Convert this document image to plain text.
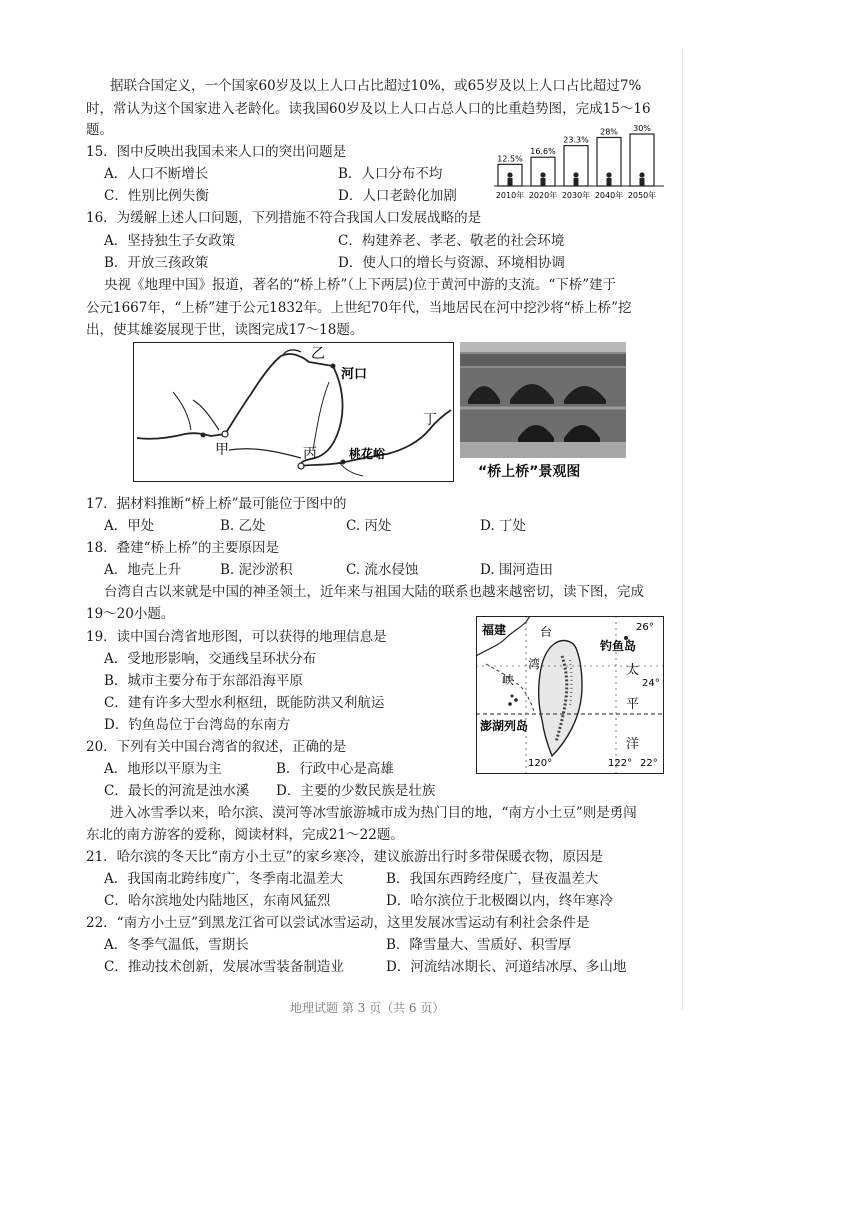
据联合国定义，一个国家60岁及以上人口占比超过10%，或65岁及以上人口占比超过7%
时，常认为这个国家进入老龄化。读我国60岁及以上人口占总人口的比重趋势图，完成15～16
题。
15．图中反映出我国未来人口的突出问题是
A．人口不断增长	B．人口分布不均
C．性别比例失衡	D．人口老龄化加剧
12.5%
2010年
16.6%
2020年
23.3%
2030年
28%
2040年
30%
2050年
16．为缓解上述人口问题，下列措施不符合我国人口发展战略的是
A．坚持独生子女政策	C．构建养老、孝老、敬老的社会环境
B．开放三孩政策	D．使人口的增长与资源、环境相协调
央视《地理中国》报道，著名的“桥上桥”（上下两层)位于黄河中游的支流。“下桥”建于
公元1667年，“上桥”建于公元1832年。上世纪70年代，当地居民在河中挖沙将“桥上桥”挖
出，使其雄姿展现于世，读图完成17～18题。
乙
河口
丁
甲	丙	桃花峪
“桥上桥”景观图
17．据材料推断“桥上桥”最可能位于图中的
A．甲处	B. 乙处	C. 丙处	D. 丁处
18．叠建“桥上桥”的主要原因是
A．地壳上升	B. 泥沙淤积	C. 流水侵蚀	D. 围河造田
台湾自古以来就是中国的神圣领土，近年来与祖国大陆的联系也越来越密切，读下图，完成
19～20小题。
福建	台
湾
钓鱼岛
26°
太
平
洋
24°
峡
澎湖列岛
120°	122° 22°
19．读中国台湾省地形图，可以获得的地理信息是
A．受地形影响，交通线呈环状分布
B．城市主要分布于东部沿海平原
C．建有许多大型水利枢纽，既能防洪又利航运
D．钓鱼岛位于台湾岛的东南方
20．下列有关中国台湾省的叙述，正确的是
A．地形以平原为主	B．行政中心是高雄
C．最长的河流是浊水溪 D．主要的少数民族是壮族
进入冰雪季以来，哈尔滨、漠河等冰雪旅游城市成为热门目的地，“南方小土豆”则是勇闯
东北的南方游客的爱称，阅读材料，完成21～22题。
21．哈尔滨的冬天比“南方小土豆”的家乡寒冷，建议旅游出行时多带保暖衣物，原因是
A．我国南北跨纬度广，冬季南北温差大	B．我国东西跨经度广，昼夜温差大
C．哈尔滨地处内陆地区，东南风猛烈	D．哈尔滨位于北极圈以内，终年寒冷
22．“南方小土豆”到黑龙江省可以尝试冰雪运动，这里发展冰雪运动有利社会条件是
A．冬季气温低，雪期长	B．降雪量大、雪质好、积雪厚
C．推动技术创新，发展冰雪装备制造业	D．河流结冰期长、河道结冰厚、多山地
地理试题 第 3 页（共 6 页）
